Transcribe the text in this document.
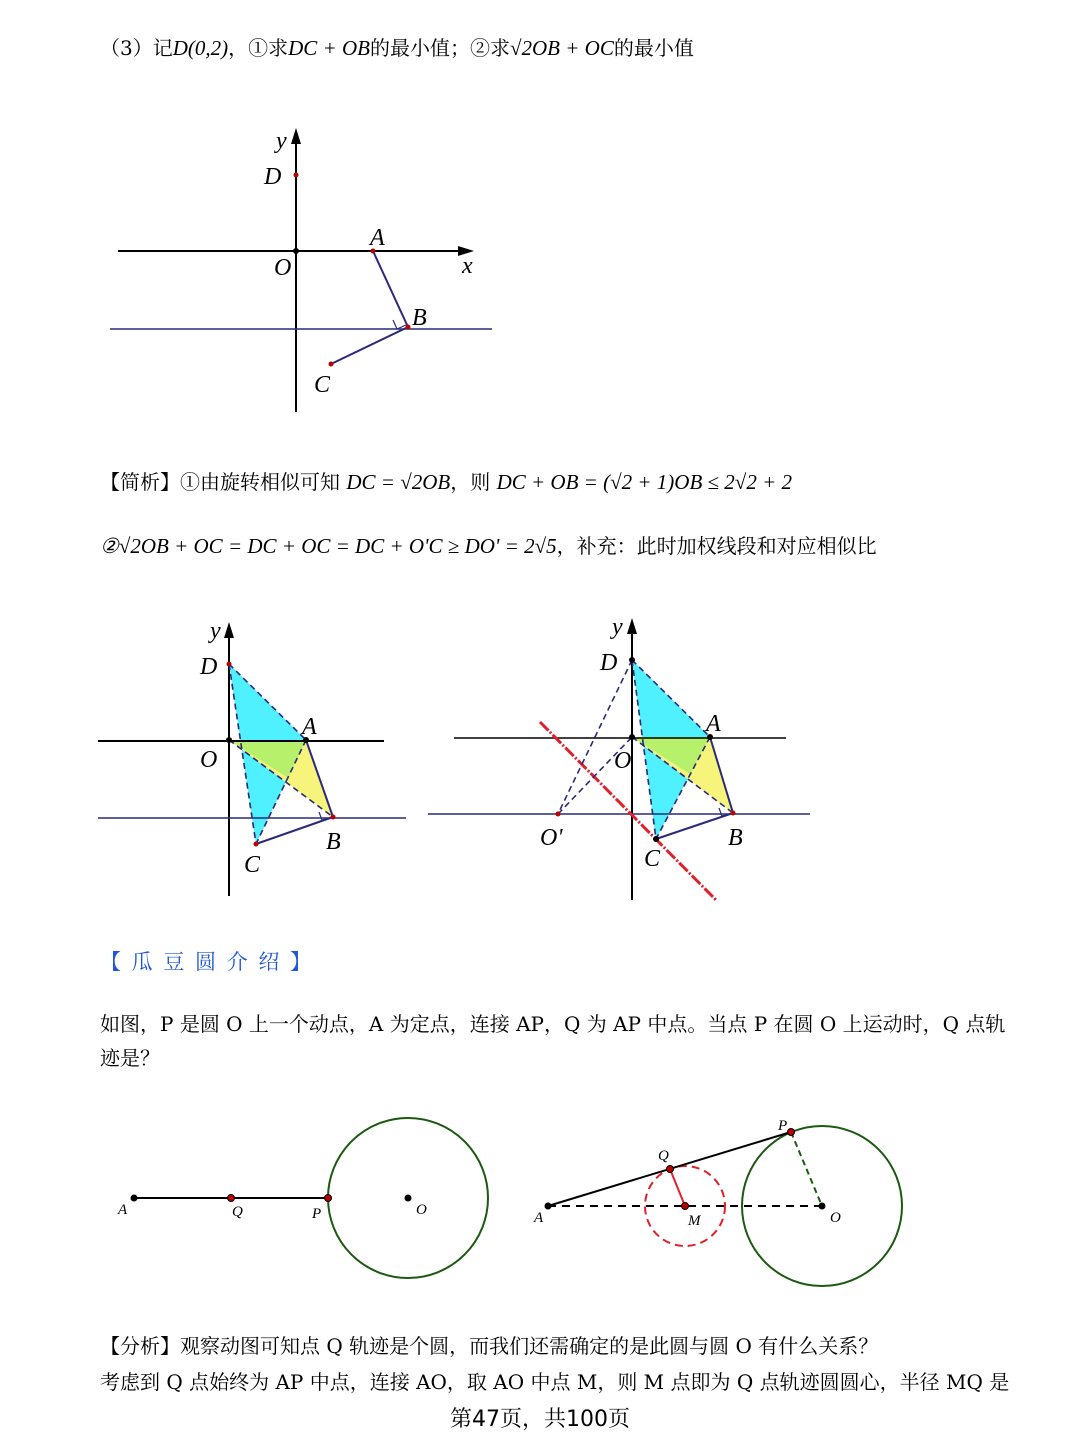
（3）记D(0,2)，①求DC + OB的最小值；②求√2OB + OC的最小值
y
x
D
O
A
B
C
【简析】①由旋转相似可知 DC = √2OB，则 DC + OB = (√2 + 1)OB ≤ 2√2 + 2
②√2OB + OC = DC + OC = DC + O'C ≥ DO' = 2√5，补充：此时加权线段和对应相似比
y
D
O
A
B
C
y
D
O
A
B
C
O'
【 瓜 豆 圆 介 绍 】
如图，P 是圆 O 上一个动点，A 为定点，连接 AP，Q 为 AP 中点。当点 P 在圆 O 上运动时，Q 点轨
迹是？
A	Q	P	O	A
Q
P
M	O
【分析】观察动图可知点 Q 轨迹是个圆，而我们还需确定的是此圆与圆 O 有什么关系？
考虑到 Q 点始终为 AP 中点，连接 AO，取 AO 中点 M，则 M 点即为 Q 点轨迹圆圆心，半径 MQ 是
第47页，共100页
